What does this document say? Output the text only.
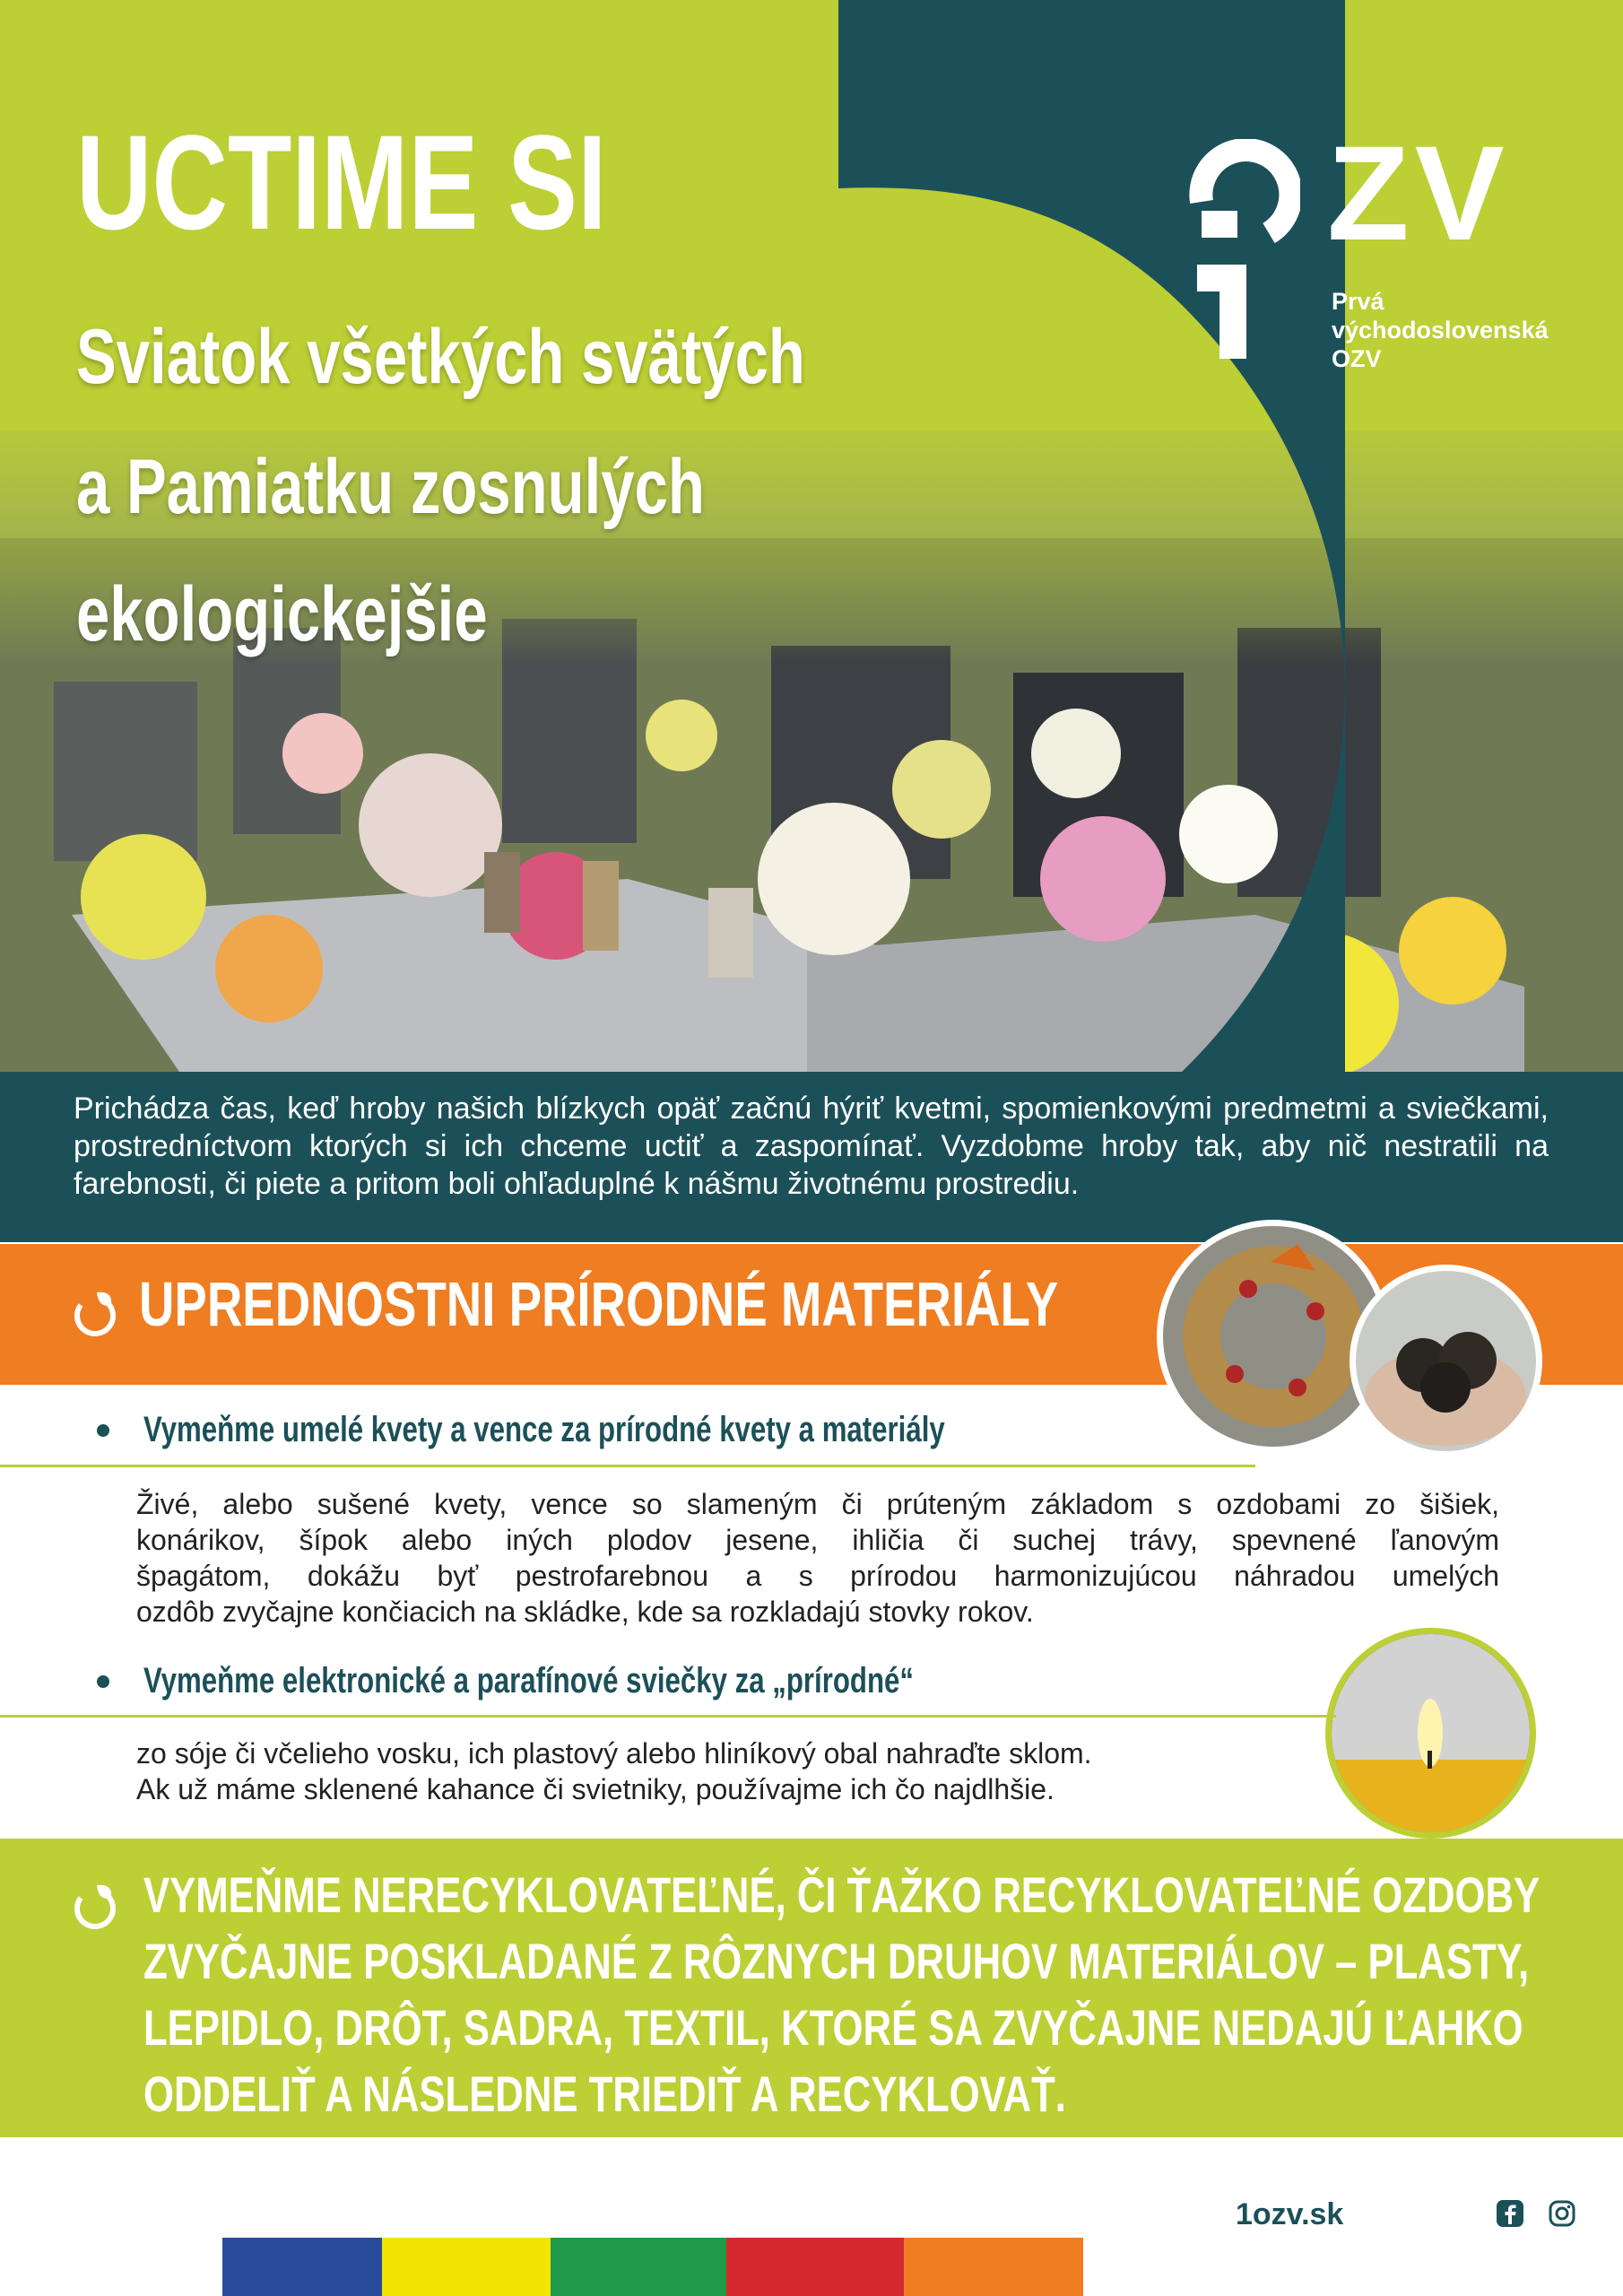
UCTIME SI
Sviatok všetkých svätých
a Pamiatku zosnulých
ekologickejšie
ZV
Prvá
východoslovenská
OZV

Prichádza čas, keď hroby našich blízkych opäť začnú hýriť kvetmi, spomienkovými predmetmi a sviečkami, prostredníctvom ktorých si ich chceme uctiť a zaspomínať. Vyzdobme hroby tak, aby nič nestratili na farebnosti, či piete a pritom boli ohľaduplné k nášmu životnému prostrediu.

UPREDNOSTNI PRÍRODNÉ MATERIÁLY
Vymeňme umelé kvety a vence za prírodné kvety a materiály
Živé, alebo sušené kvety, vence so slameným či prúteným základom s ozdobami zo šišiek,
konárikov, šípok alebo iných plodov jesene, ihličia či suchej trávy, spevnené ľanovým
špagátom, dokážu byť pestrofarebnou a s prírodou harmonizujúcou náhradou umelých
ozdôb zvyčajne končiacich na skládke, kde sa rozkladajú stovky rokov.
Vymeňme elektronické a parafínové sviečky za „prírodné“
zo sóje či včelieho vosku, ich plastový alebo hliníkový obal nahraďte sklom.
Ak už máme sklenené kahance či svietniky, používajme ich čo najdlhšie.
VYMEŇME NERECYKLOVATEĽNÉ, ČI ŤAŽKO RECYKLOVATEĽNÉ OZDOBY
ZVYČAJNE POSKLADANÉ Z RÔZNYCH DRUHOV MATERIÁLOV – PLASTY,
LEPIDLO, DRÔT, SADRA, TEXTIL, KTORÉ SA ZVYČAJNE NEDAJÚ ĽAHKO
ODDELIŤ A NÁSLEDNE TRIEDIŤ A RECYKLOVAŤ.
1ozv.sk
